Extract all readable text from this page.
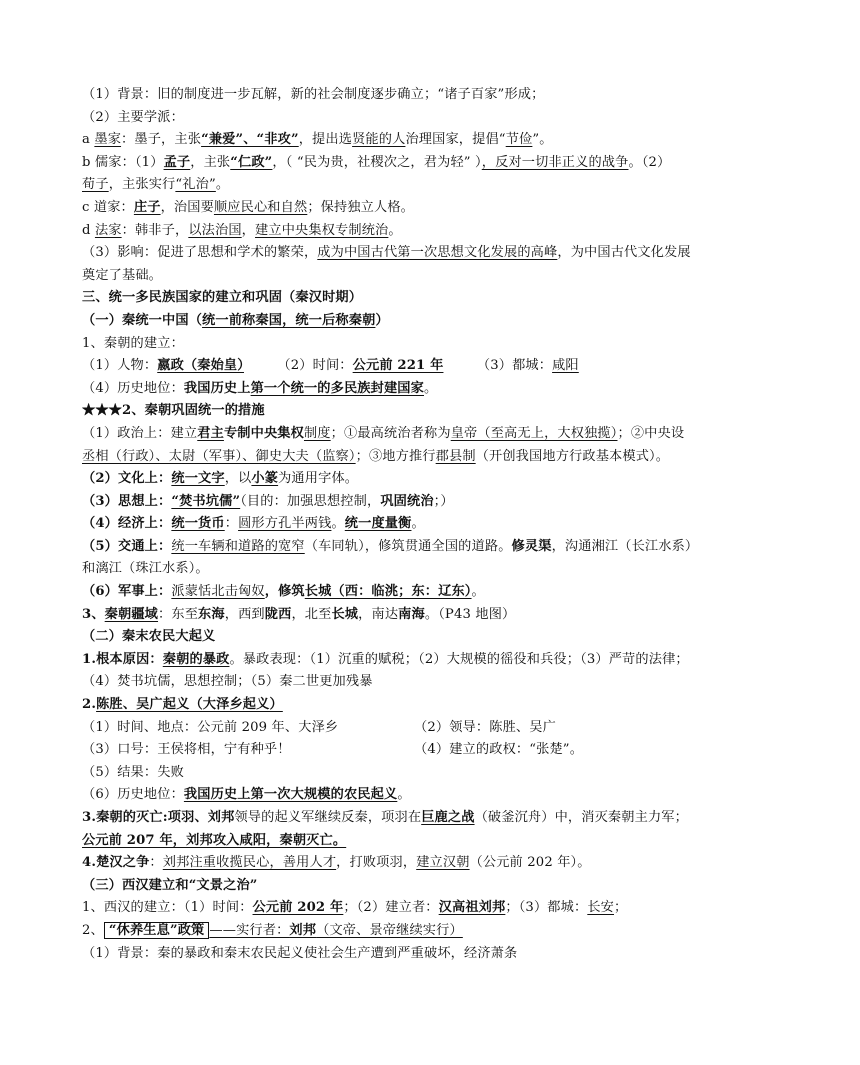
（1）背景：旧的制度进一步瓦解，新的社会制度逐步确立；“诸子百家”形成；
（2）主要学派：
a 墨家：墨子，主张“兼爱”、“非攻”，提出选贤能的人治理国家，提倡“节俭”。
b 儒家：（1）孟子，主张“仁政”，（ “民为贵，社稷次之，君为轻” ），反对一切非正义的战争。（2）
荀子，主张实行“礼治”。
c 道家：庄子，治国要顺应民心和自然；保持独立人格。
d 法家：韩非子，以法治国，建立中央集权专制统治。
（3）影响：促进了思想和学术的繁荣，成为中国古代第一次思想文化发展的高峰，为中国古代文化发展
奠定了基础。
三、统一多民族国家的建立和巩固（秦汉时期）
（一）秦统一中国（统一前称秦国，统一后称秦朝）
1、秦朝的建立：
（1）人物：嬴政（秦始皇）　　　（2）时间：公元前 221 年　　　（3）都城：咸阳
（4）历史地位：我国历史上第一个统一的多民族封建国家。
★★★2、秦朝巩固统一的措施
（1）政治上：建立君主专制中央集权制度；①最高统治者称为皇帝（至高无上，大权独揽）；②中央设
丞相（行政）、太尉（军事）、御史大夫（监察）；③地方推行郡县制（开创我国地方行政基本模式）。
（2）文化上：统一文字，以小篆为通用字体。
（3）思想上：“焚书坑儒”（目的：加强思想控制，巩固统治；）
（4）经济上：统一货币：圆形方孔半两钱。统一度量衡。
（5）交通上：统一车辆和道路的宽窄（车同轨），修筑贯通全国的道路。修灵渠，沟通湘江（长江水系）
和漓江（珠江水系）。
（6）军事上：派蒙恬北击匈奴，修筑长城（西：临洮；东：辽东）。
3、秦朝疆域：东至东海，西到陇西，北至长城，南达南海。（P43 地图）
（二）秦末农民大起义
1.根本原因：秦朝的暴政。暴政表现：（1）沉重的赋税；（2）大规模的徭役和兵役；（3）严苛的法律；
（4）焚书坑儒，思想控制；（5）秦二世更加残暴
2.陈胜、吴广起义（大泽乡起义）
（1）时间、地点：公元前 209 年、大泽乡	（2）领导：陈胜、吴广
（3）口号：王侯将相，宁有种乎！	（4）建立的政权：“张楚”。
（5）结果：失败
（6）历史地位：我国历史上第一次大规模的农民起义。
3.秦朝的灭亡:项羽、刘邦领导的起义军继续反秦，项羽在巨鹿之战（破釜沉舟）中，消灭秦朝主力军；
公元前 207 年，刘邦攻入咸阳，秦朝灭亡。
4.楚汉之争：刘邦注重收揽民心，善用人才，打败项羽，建立汉朝（公元前 202 年）。
（三）西汉建立和“文景之治”
1、西汉的建立：（1）时间：公元前 202 年；（2）建立者：汉高祖刘邦；（3）都城：长安；
2、 “休养生息”政策 ——实行者：刘邦（文帝、景帝继续实行）
（1）背景：秦的暴政和秦末农民起义使社会生产遭到严重破坏，经济萧条
